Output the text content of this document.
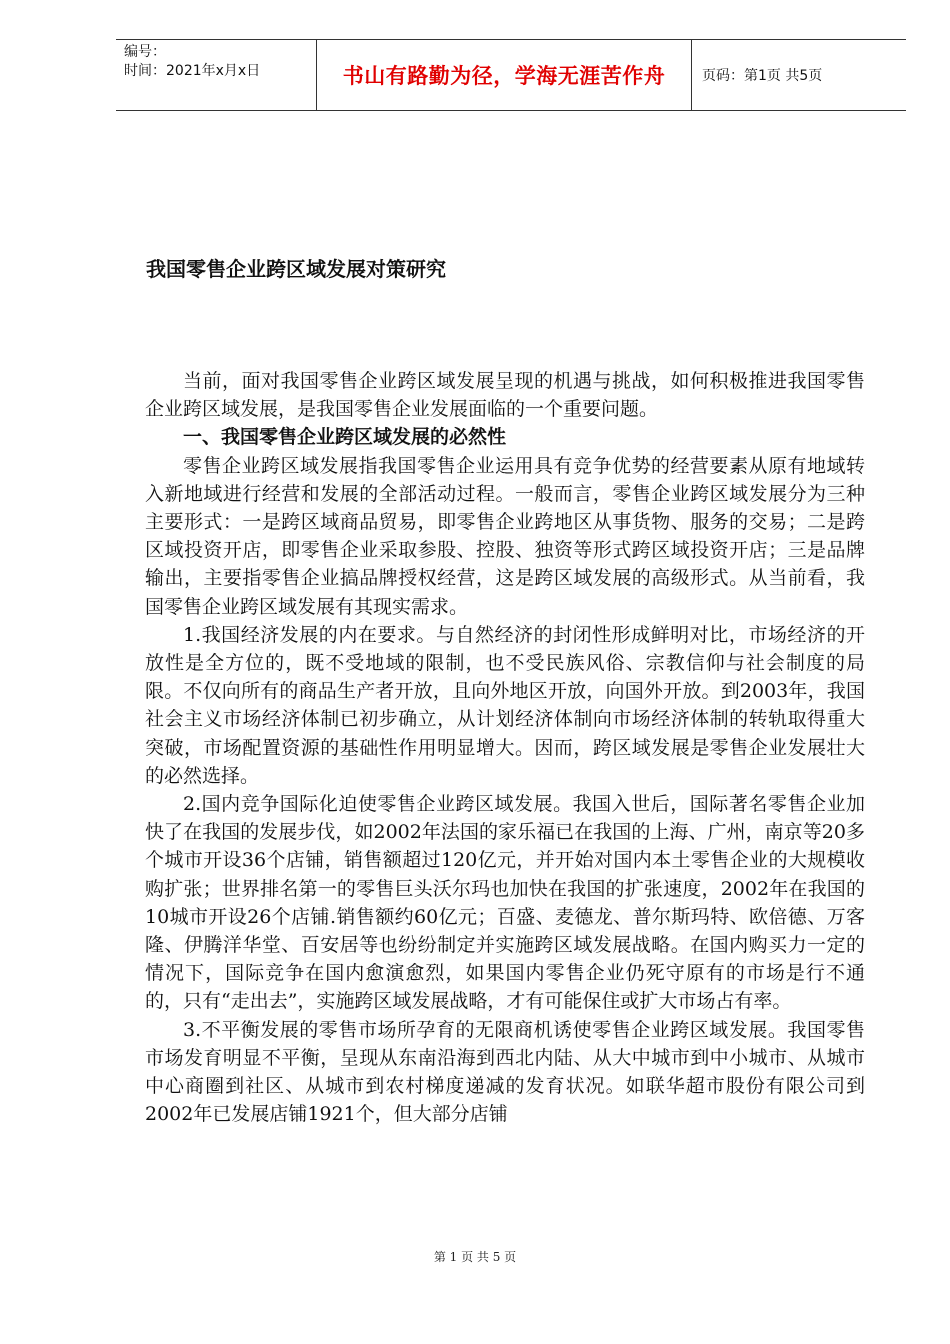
编号：
时间：2021年x月x日	书山有路勤为径，学海无涯苦作舟	页码：第1页 共5页
我国零售企业跨区域发展对策研究

当前，面对我国零售企业跨区域发展呈现的机遇与挑战，如何积极推进我国零售企业跨区域发展，是我国零售企业发展面临的一个重要问题。

一、我国零售企业跨区域发展的必然性

零售企业跨区域发展指我国零售企业运用具有竞争优势的经营要素从原有地域转入新地域进行经营和发展的全部活动过程。一般而言，零售企业跨区域发展分为三种主要形式：一是跨区域商品贸易，即零售企业跨地区从事货物、服务的交易；二是跨区域投资开店，即零售企业采取参股、控股、独资等形式跨区域投资开店；三是品牌输出，主要指零售企业搞品牌授权经营，这是跨区域发展的高级形式。从当前看，我国零售企业跨区域发展有其现实需求。

1.我国经济发展的内在要求。与自然经济的封闭性形成鲜明对比，市场经济的开放性是全方位的，既不受地域的限制，也不受民族风俗、宗教信仰与社会制度的局限。不仅向所有的商品生产者开放，且向外地区开放，向国外开放。到2003年，我国社会主义市场经济体制已初步确立，从计划经济体制向市场经济体制的转轨取得重大突破，市场配置资源的基础性作用明显增大。因而，跨区域发展是零售企业发展壮大的必然选择。

2.国内竞争国际化迫使零售企业跨区域发展。我国入世后，国际著名零售企业加快了在我国的发展步伐，如2002年法国的家乐福已在我国的上海、广州，南京等20多个城市开设36个店铺，销售额超过120亿元，并开始对国内本土零售企业的大规模收购扩张；世界排名第一的零售巨头沃尔玛也加快在我国的扩张速度，2002年在我国的10城市开设26个店铺.销售额约60亿元；百盛、麦德龙、普尔斯玛特、欧倍德、万客隆、伊腾洋华堂、百安居等也纷纷制定并实施跨区域发展战略。在国内购买力一定的情况下，国际竞争在国内愈演愈烈，如果国内零售企业仍死守原有的市场是行不通的，只有“走出去”，实施跨区域发展战略，才有可能保住或扩大市场占有率。

3.不平衡发展的零售市场所孕育的无限商机诱使零售企业跨区域发展。我国零售市场发育明显不平衡，呈现从东南沿海到西北内陆、从大中城市到中小城市、从城市中心商圈到社区、从城市到农村梯度递减的发育状况。如联华超市股份有限公司到2002年已发展店铺1921个，但大部分店铺

第 1 页 共 5 页
